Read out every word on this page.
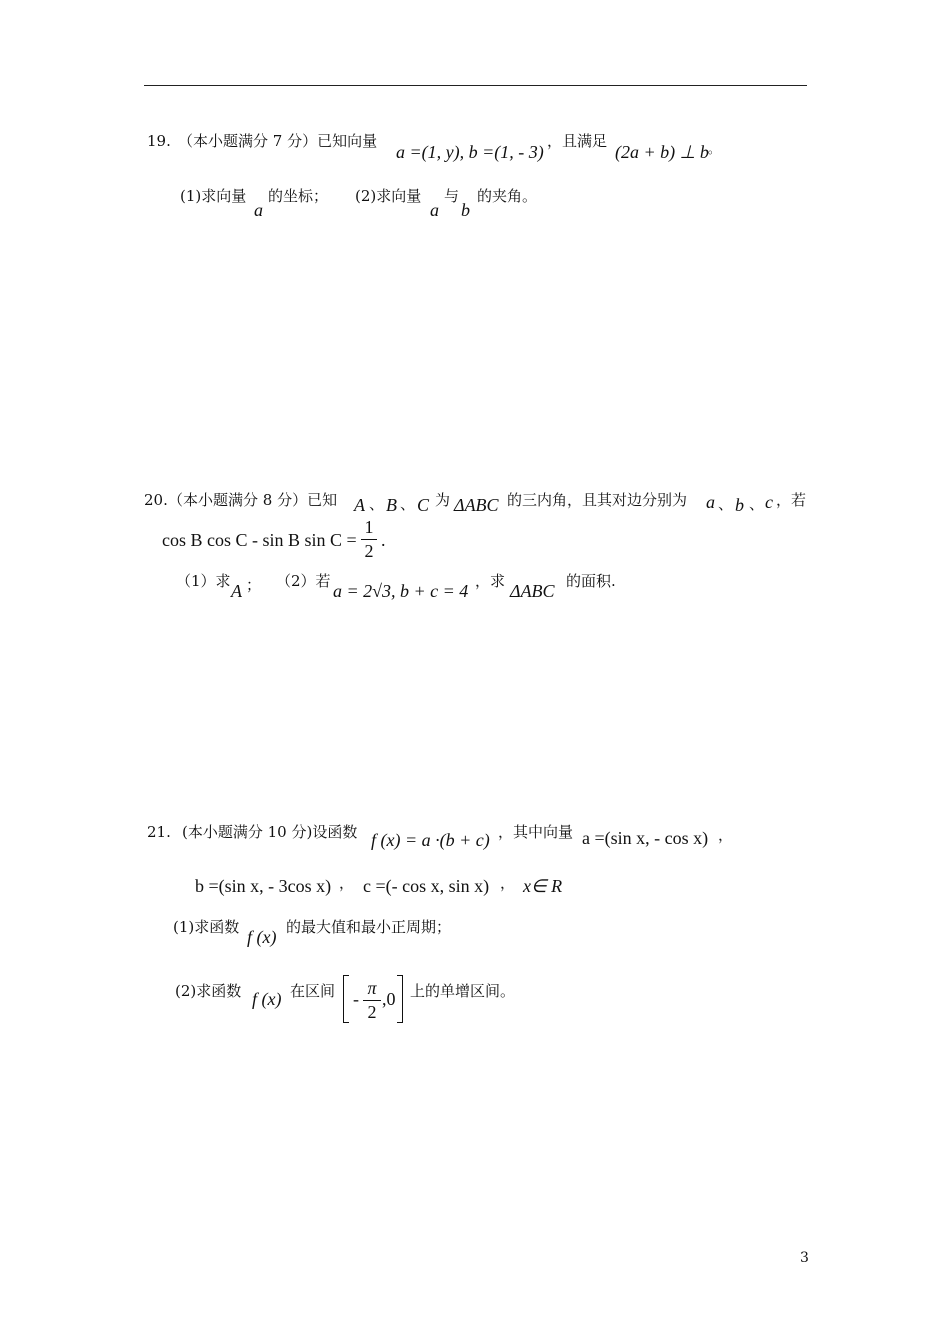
19. （本小题满分 7 分）已知向量
a =(1, y), b =(1, - 3)
，且满足
(2a + b) ⊥ b 。
(1)求向量
a
的坐标； (2)求向量
a
与
b
的夹角。
20. （本小题满分 8 分）已知 A 、 B 、 C 为 ΔABC 的三内角，且其对边分别为 a 、 b 、 c ，若
cos B cos C - sin B sin C =
1
2
.
（1）求 A ； （2）若 a = 2√3, b + c = 4 ，求 ΔABC 的面积.
21. (本小题满分 10 分)设函数 f (x) = a ·(b + c) ，其中向量 a =(sin x, - cos x) ，
b =(sin x, - 3cos x) ， c =(- cos x, sin x) ， x∈ R
(1)求函数 f (x) 的最大值和最小正周期；
(2)求函数 f (x) 在区间 -
π
2
,0 上的单增区间。
3
